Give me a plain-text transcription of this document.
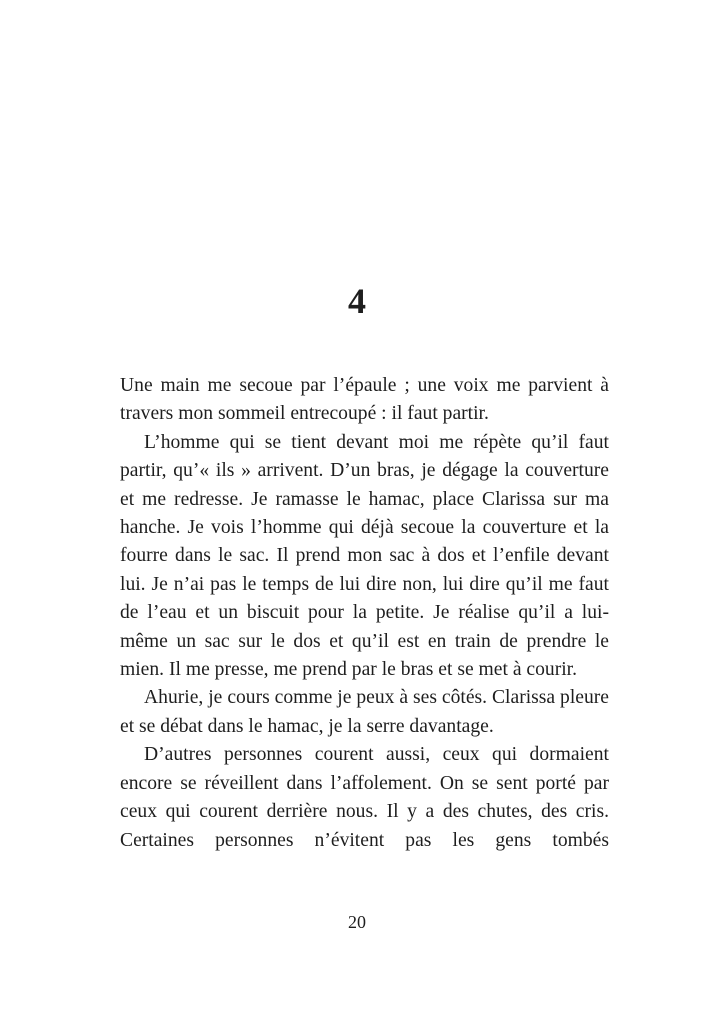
4

Une main me secoue par l’épaule ; une voix me parvient à travers mon sommeil entrecoupé : il faut partir.

L’homme qui se tient devant moi me répète qu’il faut partir, qu’« ils » arrivent. D’un bras, je dégage la couverture et me redresse. Je ramasse le hamac, place Clarissa sur ma hanche. Je vois l’homme qui déjà secoue la couverture et la fourre dans le sac. Il prend mon sac à dos et l’enfile devant lui. Je n’ai pas le temps de lui dire non, lui dire qu’il me faut de l’eau et un biscuit pour la petite. Je réalise qu’il a lui-même un sac sur le dos et qu’il est en train de prendre le mien. Il me presse, me prend par le bras et se met à courir.

Ahurie, je cours comme je peux à ses côtés. Clarissa pleure et se débat dans le hamac, je la serre davantage.

D’autres personnes courent aussi, ceux qui dormaient encore se réveillent dans l’affolement. On se sent porté par ceux qui courent derrière nous. Il y a des chutes, des cris. Certaines personnes n’évitent pas les gens tombés

20
